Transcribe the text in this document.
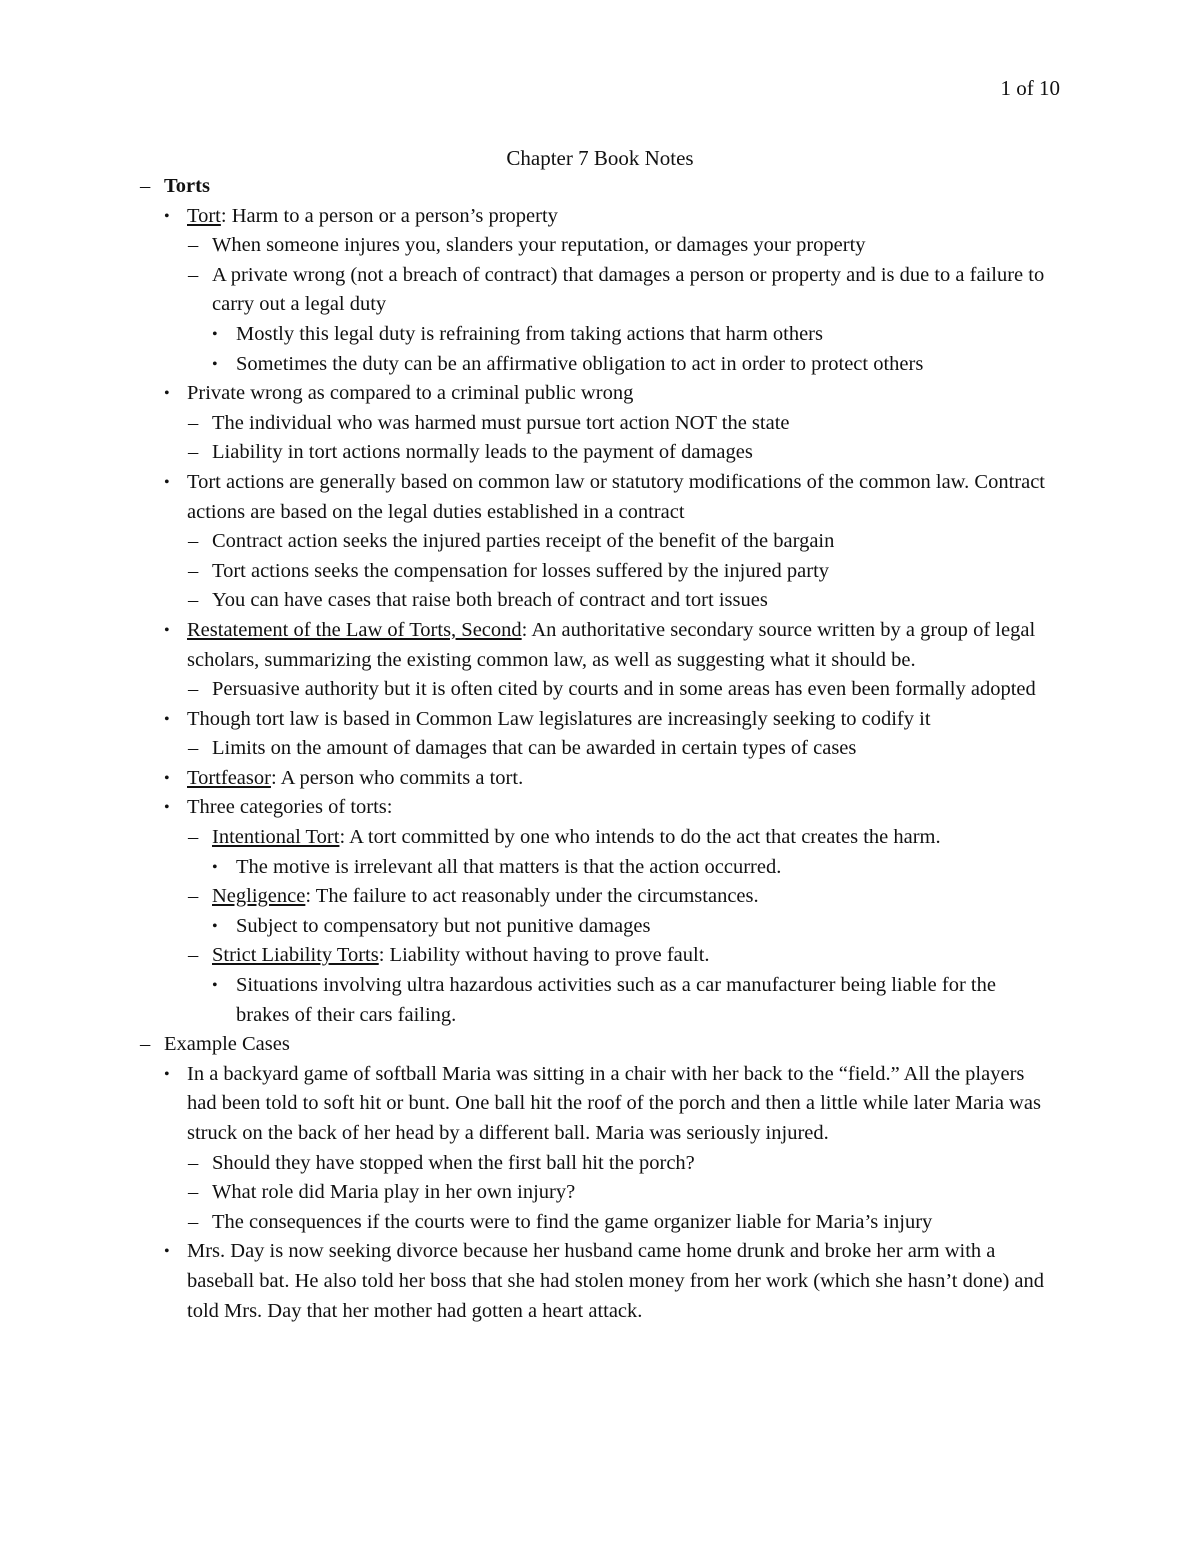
1 of 10
Chapter 7 Book Notes
– Torts
• Tort: Harm to a person or a person’s property
– When someone injures you, slanders your reputation, or damages your property
– A private wrong (not a breach of contract) that damages a person or property and is due to a failure to carry out a legal duty
• Mostly this legal duty is refraining from taking actions that harm others
• Sometimes the duty can be an affirmative obligation to act in order to protect others
• Private wrong as compared to a criminal public wrong
– The individual who was harmed must pursue tort action NOT the state
– Liability in tort actions normally leads to the payment of damages
• Tort actions are generally based on common law or statutory modifications of the common law. Contract actions are based on the legal duties established in a contract
– Contract action seeks the injured parties receipt of the benefit of the bargain
– Tort actions seeks the compensation for losses suffered by the injured party
– You can have cases that raise both breach of contract and tort issues
• Restatement of the Law of Torts, Second: An authoritative secondary source written by a group of legal scholars, summarizing the existing common law, as well as suggesting what it should be.
– Persuasive authority but it is often cited by courts and in some areas has even been formally adopted
• Though tort law is based in Common Law legislatures are increasingly seeking to codify it
– Limits on the amount of damages that can be awarded in certain types of cases
• Tortfeasor: A person who commits a tort.
• Three categories of torts:
– Intentional Tort: A tort committed by one who intends to do the act that creates the harm.
• The motive is irrelevant all that matters is that the action occurred.
– Negligence: The failure to act reasonably under the circumstances.
• Subject to compensatory but not punitive damages
– Strict Liability Torts: Liability without having to prove fault.
• Situations involving ultra hazardous activities such as a car manufacturer being liable for the brakes of their cars failing.
– Example Cases
• In a backyard game of softball Maria was sitting in a chair with her back to the “field.” All the players had been told to soft hit or bunt. One ball hit the roof of the porch and then a little while later Maria was struck on the back of her head by a different ball. Maria was seriously injured.
– Should they have stopped when the first ball hit the porch?
– What role did Maria play in her own injury?
– The consequences if the courts were to find the game organizer liable for Maria’s injury
• Mrs. Day is now seeking divorce because her husband came home drunk and broke her arm with a baseball bat. He also told her boss that she had stolen money from her work (which she hasn’t done) and told Mrs. Day that her mother had gotten a heart attack.
